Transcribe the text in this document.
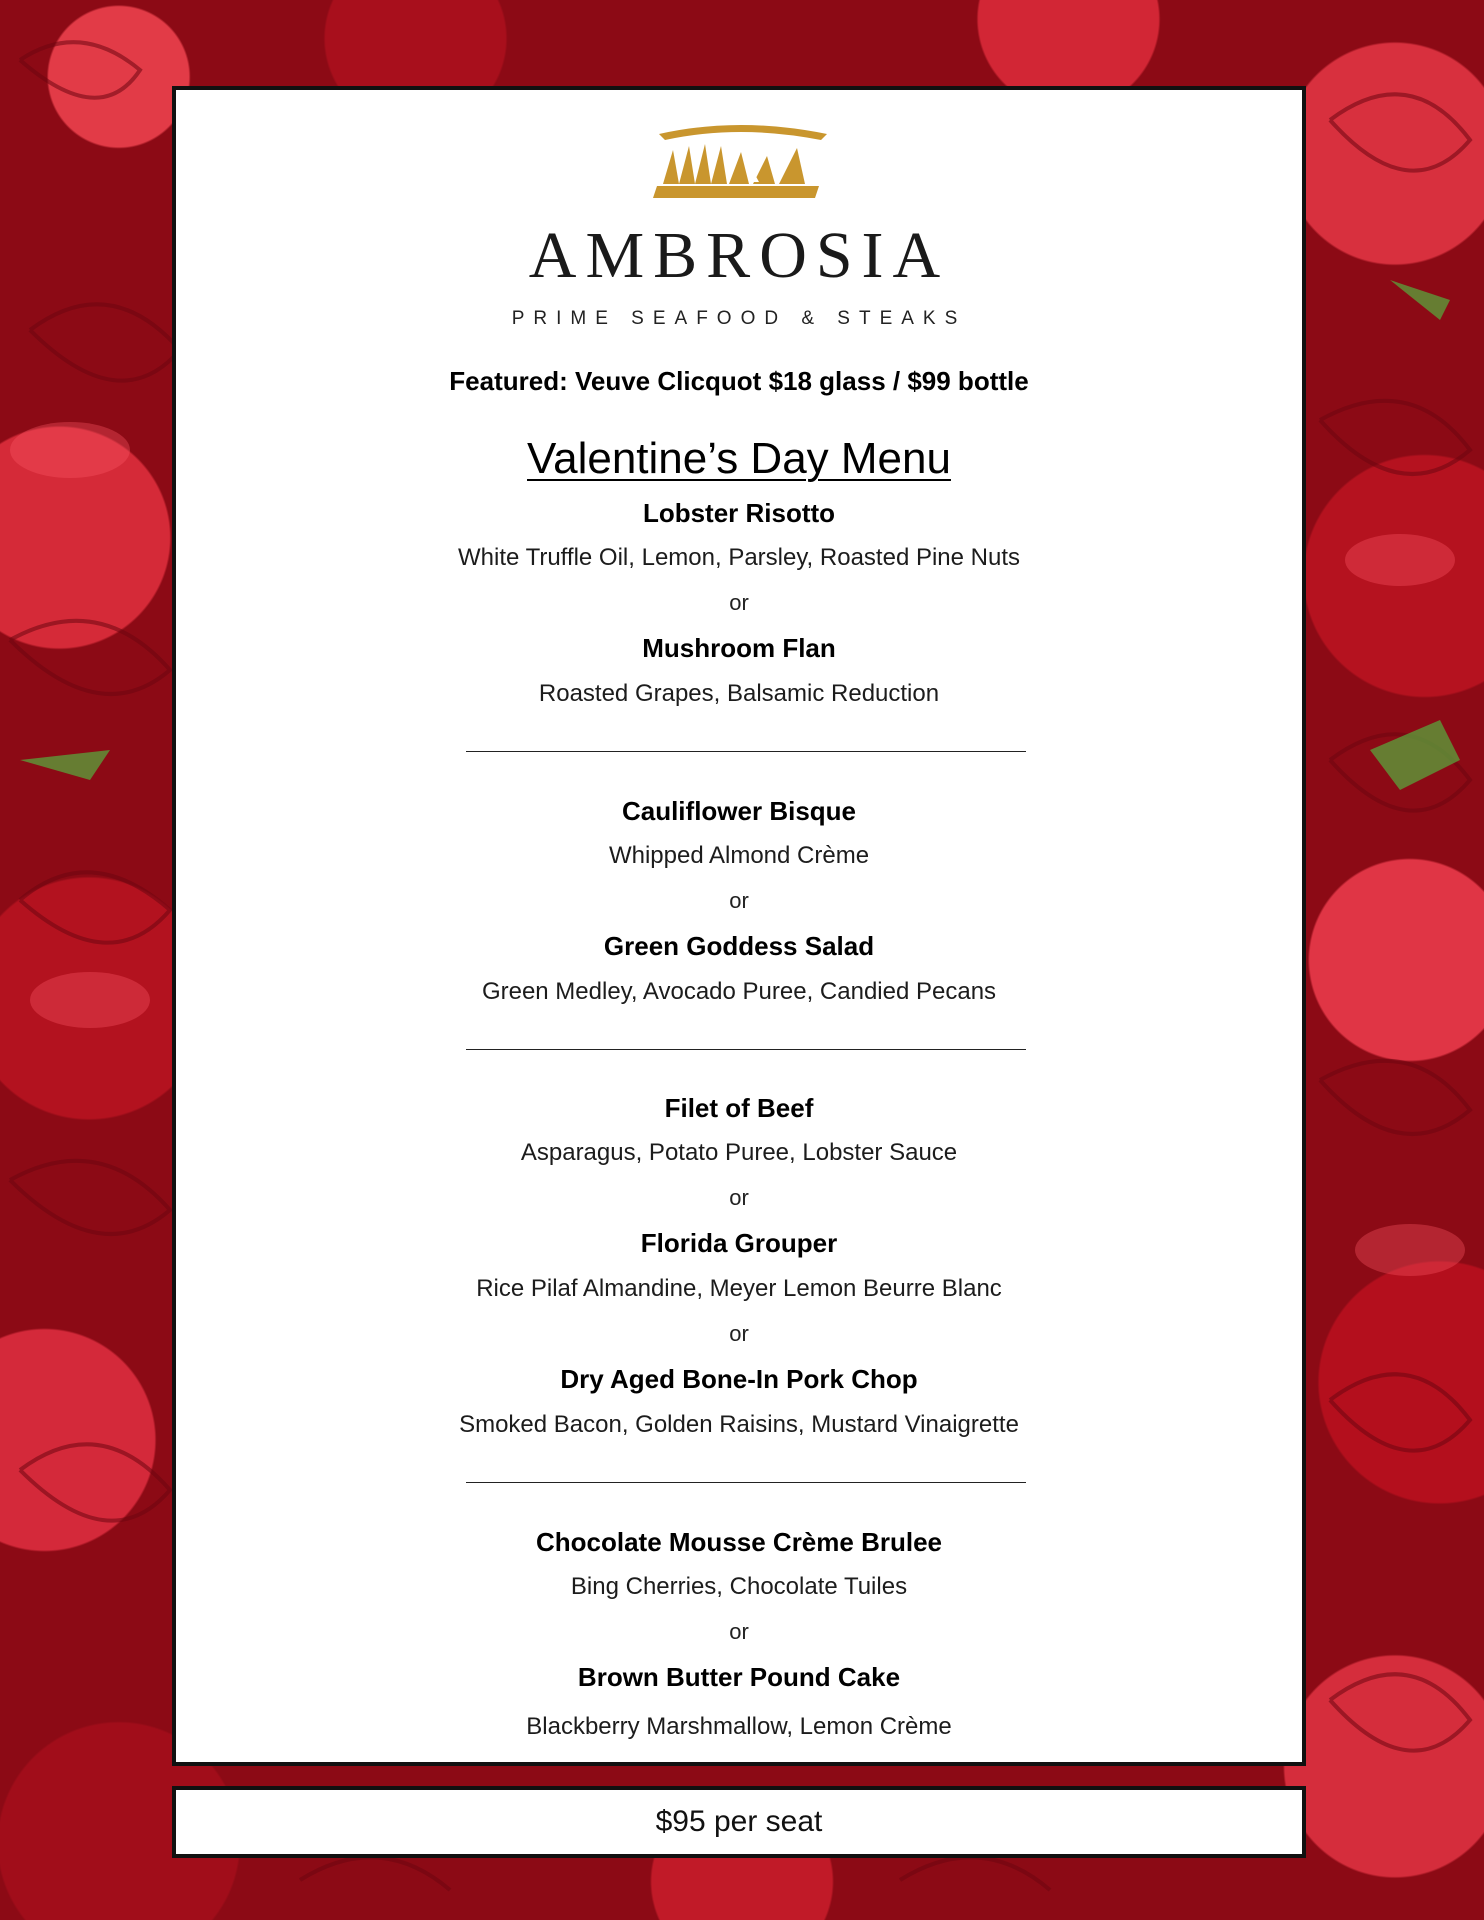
AMBROSIA
PRIME SEAFOOD & STEAKS
Featured: Veuve Clicquot $18 glass / $99 bottle
Valentine’s Day Menu
Lobster Risotto
White Truffle Oil, Lemon, Parsley, Roasted Pine Nuts
or
Mushroom Flan
Roasted Grapes, Balsamic Reduction
Cauliflower Bisque
Whipped Almond Crème
or
Green Goddess Salad
Green Medley, Avocado Puree, Candied Pecans
Filet of Beef
Asparagus, Potato Puree, Lobster Sauce
or
Florida Grouper
Rice Pilaf Almandine, Meyer Lemon Beurre Blanc
or
Dry Aged Bone-In Pork Chop
Smoked Bacon, Golden Raisins, Mustard Vinaigrette
Chocolate Mousse Crème Brulee
Bing Cherries, Chocolate Tuiles
or
Brown Butter Pound Cake
Blackberry Marshmallow, Lemon Crème
$95 per seat
